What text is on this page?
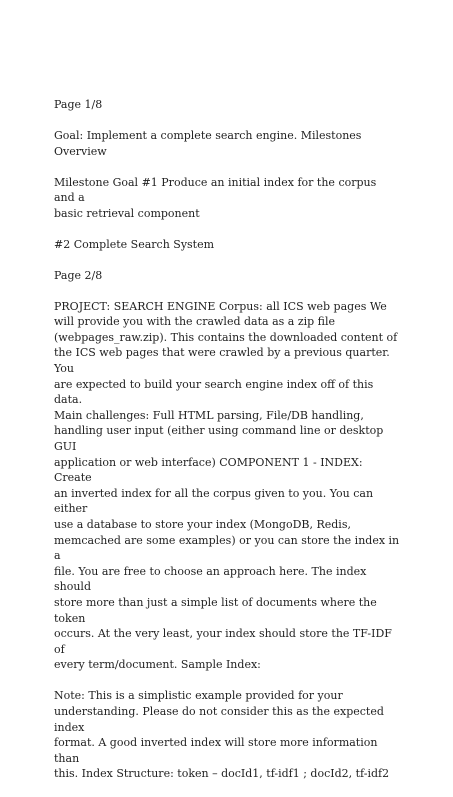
Page 1/8

Goal: Implement a complete search engine. Milestones
Overview

Milestone Goal #1 Produce an initial index for the corpus and a
basic retrieval component

#2 Complete Search System

Page 2/8

PROJECT: SEARCH ENGINE Corpus: all ICS web pages We
will provide you with the crawled data as a zip file
(webpages_raw.zip). This contains the downloaded content of
the ICS web pages that were crawled by a previous quarter. You
are expected to build your search engine index off of this data.
Main challenges: Full HTML parsing, File/DB handling,
handling user input (either using command line or desktop GUI
application or web interface) COMPONENT 1 - INDEX: Create
an inverted index for all the corpus given to you. You can either
use a database to store your index (MongoDB, Redis,
memcached are some examples) or you can store the index in a
file. You are free to choose an approach here. The index should
store more than just a simple list of documents where the token
occurs. At the very least, your index should store the TF-IDF of
every term/document. Sample Index:

Note: This is a simplistic example provided for your
understanding. Please do not consider this as the expected index
format. A good inverted index will store more information than
this. Index Structure: token – docId1, tf-idf1 ; docId2, tf-idf2
